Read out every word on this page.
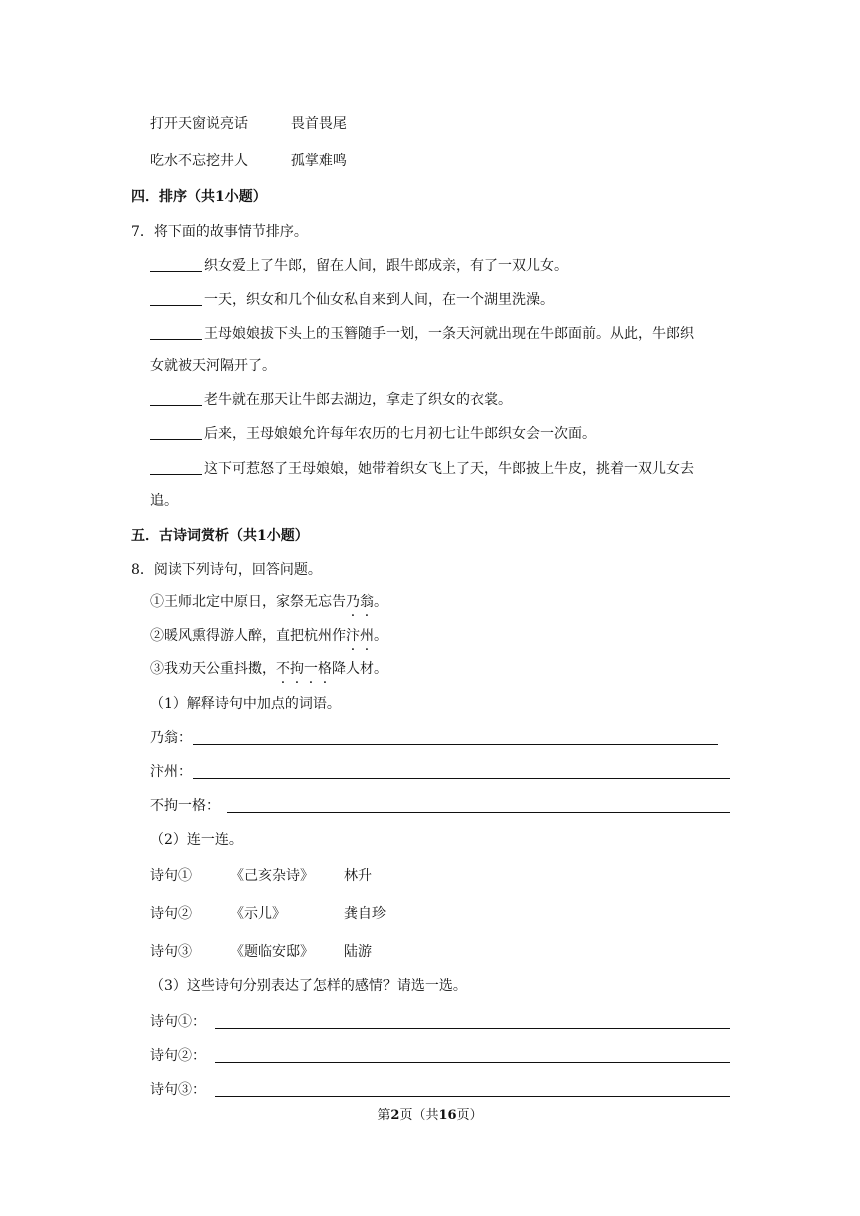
打开天窗说亮话	畏首畏尾
吃水不忘挖井人	孤掌难鸣
四．排序（共1小题）
7．将下面的故事情节排序。
织女爱上了牛郎，留在人间，跟牛郎成亲，有了一双儿女。
一天，织女和几个仙女私自来到人间，在一个湖里洗澡。
王母娘娘拔下头上的玉簪随手一划，一条天河就出现在牛郎面前。从此，牛郎织
女就被天河隔开了。
老牛就在那天让牛郎去湖边，拿走了织女的衣裳。
后来，王母娘娘允许每年农历的七月初七让牛郎织女会一次面。
这下可惹怒了王母娘娘，她带着织女飞上了天，牛郎披上牛皮，挑着一双儿女去
追。
五．古诗词赏析（共1小题）
8．阅读下列诗句，回答问题。
①王师北定中原日，家祭无忘告乃翁。
②暖风熏得游人醉，直把杭州作汴州。
③我劝天公重抖擞，不拘一格降人材。
（1）解释诗句中加点的词语。
乃翁：
汴州：
不拘一格：
（2）连一连。
诗句①	《己亥杂诗》 林升
诗句②	《示儿》	龚自珍
诗句③	《题临安邸》 陆游
（3）这些诗句分别表达了怎样的感情？请选一选。
诗句①：
诗句②：
诗句③：
第2页（共16页）
